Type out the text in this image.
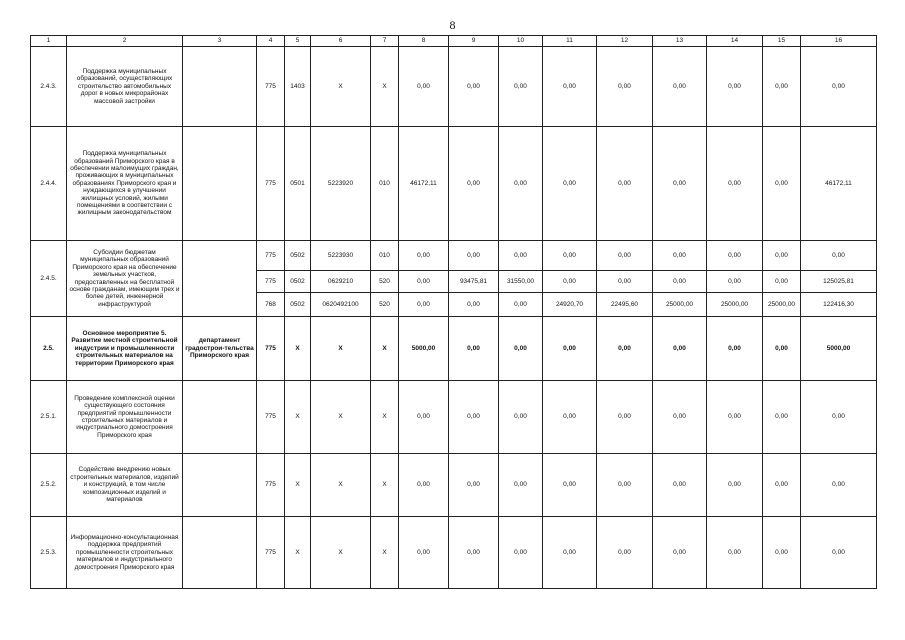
8
1	2	3	4	5	6	7	8	9	10	11	12	13	14	15	16
2.4.3.	Поддержка муниципальных образований, осуществляющих строительство автомобильных дорог в новых микрорайонах массовой застройки		775	1403	X	X	0,00	0,00	0,00	0,00	0,00	0,00	0,00	0,00	0,00
2.4.4.	Поддержка муниципальных образований Приморского края в обеспечении малоимущих граждан, проживающих в муниципальных образованиях Приморского края и нуждающихся в улучшении жилищных условий, жилыми помещениями в соответствии с жилищным законодательством		775	0501	5223920	010	46172,11	0,00	0,00	0,00	0,00	0,00	0,00	0,00	46172,11
2.4.5.	Субсидии бюджетам муниципальных образований Приморского края на обеспечение земельных участков, предоставленных на бесплатной основе гражданам, имеющим трех и более детей, инженерной инфраструктурой		775	0502	5223930	010	0,00	0,00	0,00	0,00	0,00	0,00	0,00	0,00	0,00
			775	0502	0629210	520	0,00	93475,81	31550,00	0,00	0,00	0,00	0,00	0,00	125025,81
			768	0502	0620492100	520	0,00	0,00	0,00	24920,70	22495,60	25000,00	25000,00	25000,00	122416,30
2.5.	Основное мероприятие 5. Развитие местной строительной индустрии и промышленности строительных материалов на территории Приморского края	департамент градострои-тельства Приморского края	775	X	X	X	5000,00	0,00	0,00	0,00	0,00	0,00	0,00	0,00	5000,00
2.5.1.	Проведение комплексной оценки существующего состояния предприятий промышленности строительных материалов и индустриального домостроения Приморского края		775	X	X	X	0,00	0,00	0,00	0,00	0,00	0,00	0,00	0,00	0,00
2.5.2.	Содействие внедрению новых строительных материалов, изделий и конструкций, в том числе композиционных изделий и материалов		775	X	X	X	0,00	0,00	0,00	0,00	0,00	0,00	0,00	0,00	0,00
2.5.3.	Информационно-консультационная поддержка предприятий промышленности строительных материалов и индустриального домостроения Приморского края		775	X	X	X	0,00	0,00	0,00	0,00	0,00	0,00	0,00	0,00	0,00
